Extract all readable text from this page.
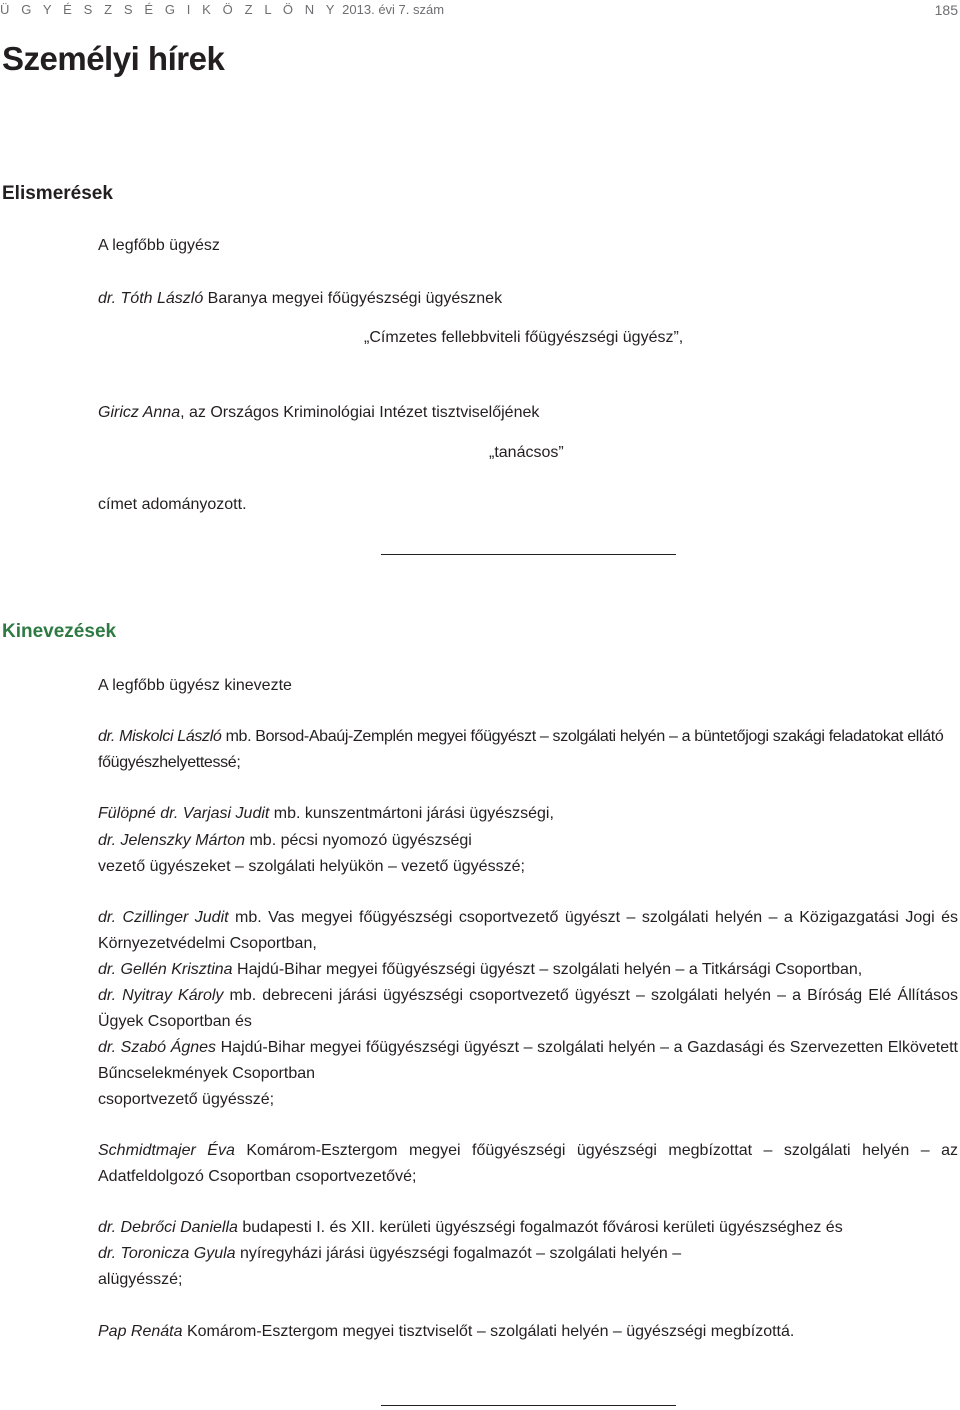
Ü G Y É S Z S É G I K Ö Z L Ö N Y 2013. évi 7. szám	185
Személyi hírek
Elismerések
A legfőbb ügyész
dr. Tóth László Baranya megyei főügyészségi ügyésznek
„Címzetes fellebbviteli főügyészségi ügyész”,
Giricz Anna, az Országos Kriminológiai Intézet tisztviselőjének
„tanácsos”
címet adományozott.
Kinevezések
A legfőbb ügyész kinevezte
dr. Miskolci László mb. Borsod-Abaúj-Zemplén megyei főügyészt – szolgálati helyén – a büntetőjogi szakági feladatokat ellátó főügyészhelyettessé;
Fülöpné dr. Varjasi Judit mb. kunszentmártoni járási ügyészségi,
dr. Jelenszky Márton mb. pécsi nyomozó ügyészségi
vezető ügyészeket – szolgálati helyükön – vezető ügyésszé;
dr. Czillinger Judit mb. Vas megyei főügyészségi csoportvezető ügyészt – szolgálati helyén – a Közigazgatási Jogi és Környezetvédelmi Csoportban,
dr. Gellén Krisztina Hajdú-Bihar megyei főügyészségi ügyészt – szolgálati helyén – a Titkársági Csoportban,
dr. Nyitray Károly mb. debreceni járási ügyészségi csoportvezető ügyészt – szolgálati helyén – a Bíróság Elé Állításos Ügyek Csoportban és
dr. Szabó Ágnes Hajdú-Bihar megyei főügyészségi ügyészt – szolgálati helyén – a Gazdasági és Szervezetten Elkövetett Bűncselekmények Csoportban
csoportvezető ügyésszé;
Schmidtmajer Éva Komárom-Esztergom megyei főügyészségi ügyészségi megbízottat – szolgálati helyén – az Adatfeldolgozó Csoportban csoportvezetővé;
dr. Debrőci Daniella budapesti I. és XII. kerületi ügyészségi fogalmazót fővárosi kerületi ügyészséghez és
dr. Toronicza Gyula nyíregyházi járási ügyészségi fogalmazót – szolgálati helyén –
alügyésszé;
Pap Renáta Komárom-Esztergom megyei tisztviselőt – szolgálati helyén – ügyészségi megbízottá.
